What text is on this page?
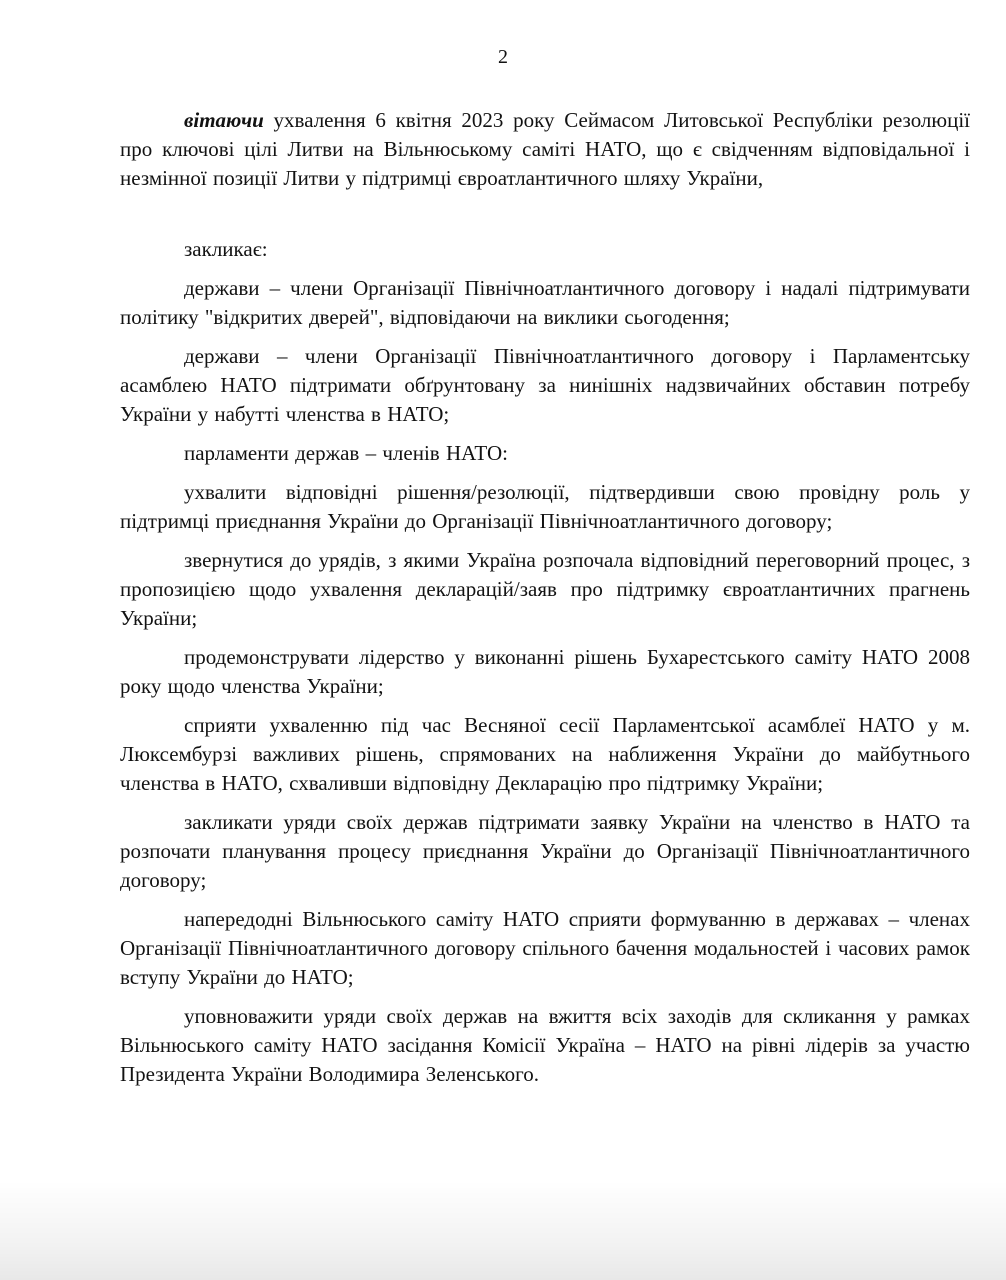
2

вітаючи ухвалення 6 квітня 2023 року Сеймасом Литовської Республіки резолюції про ключові цілі Литви на Вільнюському саміті НАТО, що є свідченням відповідальної і незмінної позиції Литви у підтримці євроатлантичного шляху України,

закликає:

держави – члени Організації Північноатлантичного договору і надалі підтримувати політику "відкритих дверей", відповідаючи на виклики сьогодення;

держави – члени Організації Північноатлантичного договору і Парламентську асамблею НАТО підтримати обґрунтовану за нинішніх надзвичайних обставин потребу України у набутті членства в НАТО;

парламенти держав – членів НАТО:

ухвалити відповідні рішення/резолюції, підтвердивши свою провідну роль у підтримці приєднання України до Організації Північноатлантичного договору;

звернутися до урядів, з якими Україна розпочала відповідний переговорний процес, з пропозицією щодо ухвалення декларацій/заяв про підтримку євроатлантичних прагнень України;

продемонструвати лідерство у виконанні рішень Бухарестського саміту НАТО 2008 року щодо членства України;

сприяти ухваленню під час Весняної сесії Парламентської асамблеї НАТО у м. Люксембурзі важливих рішень, спрямованих на наближення України до майбутнього членства в НАТО, схваливши відповідну Декларацію про підтримку України;

закликати уряди своїх держав підтримати заявку України на членство в НАТО та розпочати планування процесу приєднання України до Організації Північноатлантичного договору;

напередодні Вільнюського саміту НАТО сприяти формуванню в державах – членах Організації Північноатлантичного договору спільного бачення модальностей і часових рамок вступу України до НАТО;

уповноважити уряди своїх держав на вжиття всіх заходів для скликання у рамках Вільнюського саміту НАТО засідання Комісії Україна – НАТО на рівні лідерів за участю Президента України Володимира Зеленського.
